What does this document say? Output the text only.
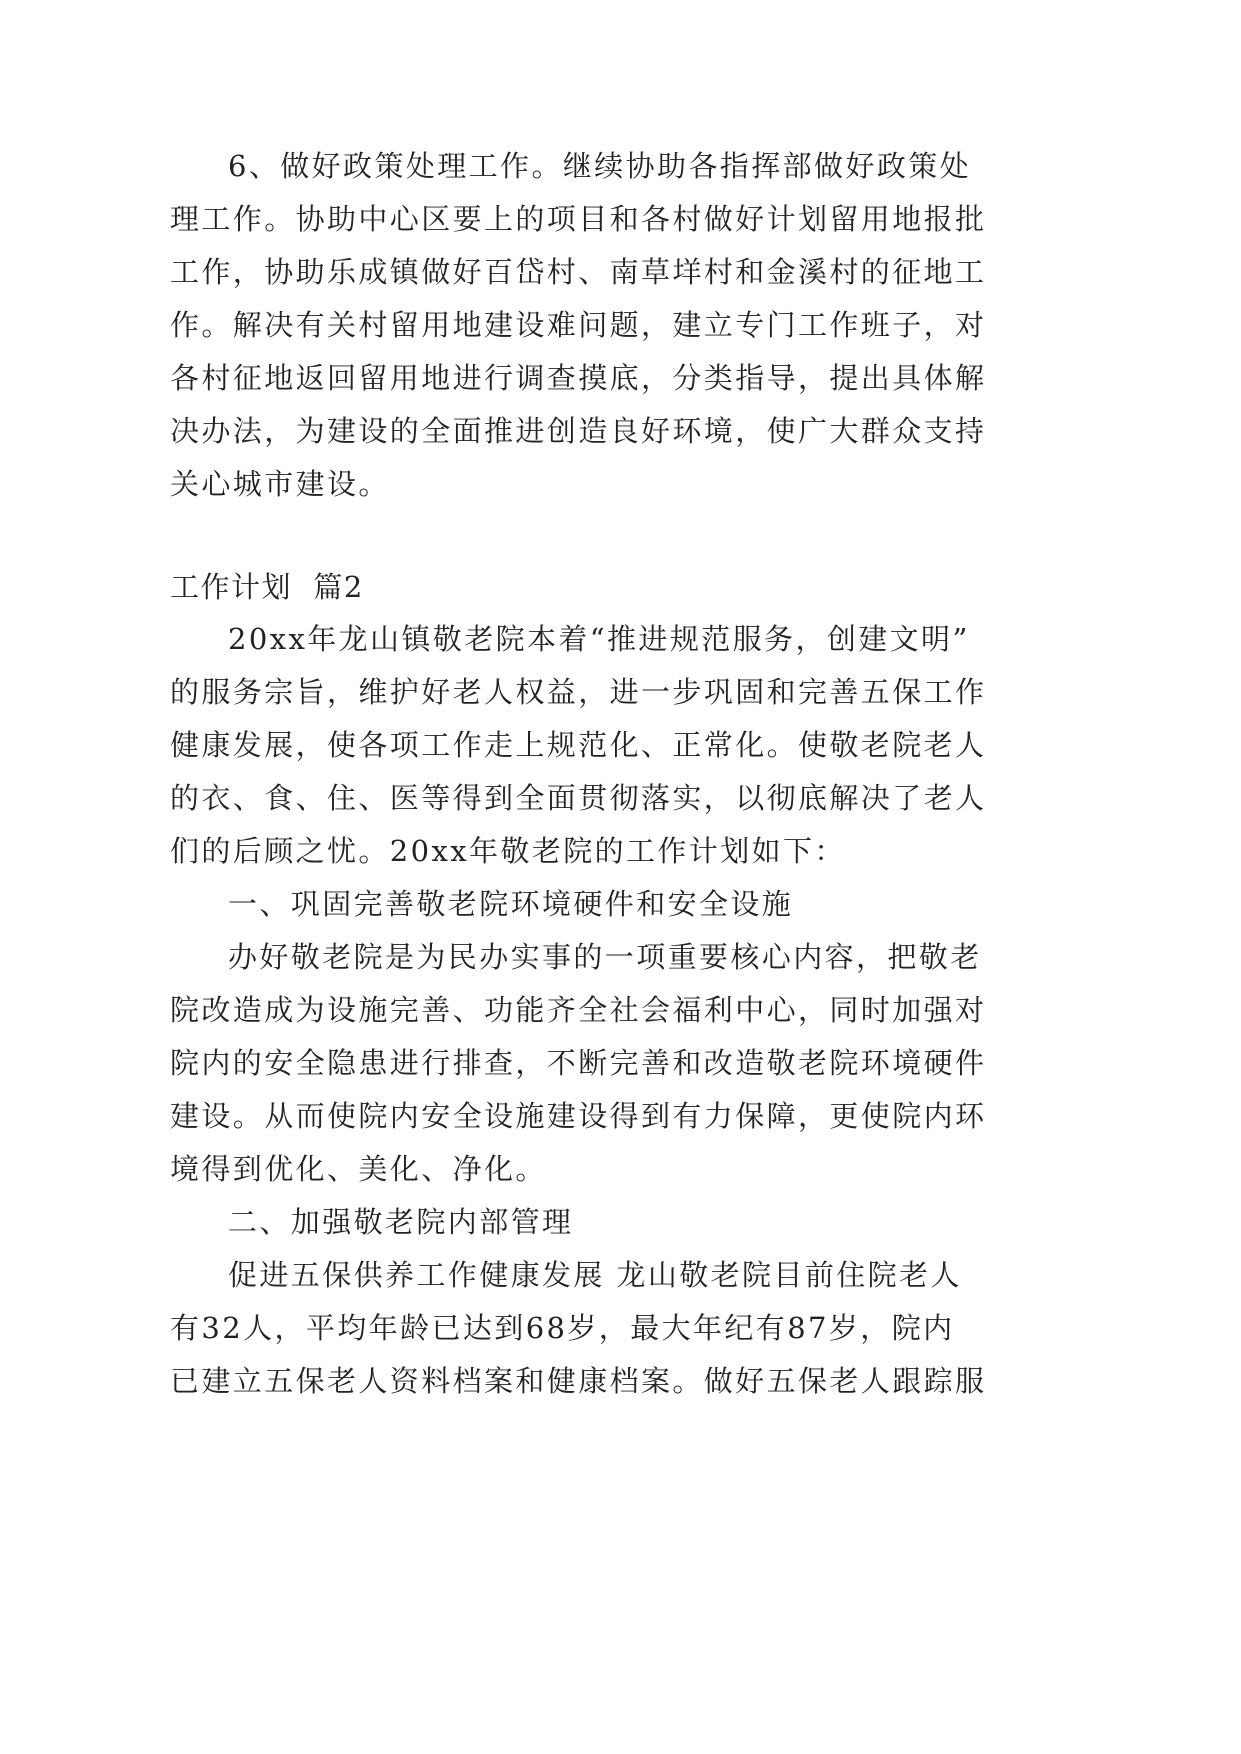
6、做好政策处理工作。继续协助各指挥部做好政策处
理工作。协助中心区要上的项目和各村做好计划留用地报批
工作，协助乐成镇做好百岱村、南草垟村和金溪村的征地工
作。解决有关村留用地建设难问题，建立专门工作班子，对
各村征地返回留用地进行调查摸底，分类指导，提出具体解
决办法，为建设的全面推进创造良好环境，使广大群众支持
关心城市建设。
工作计划  篇2
20xx年龙山镇敬老院本着“推进规范服务，创建文明”
的服务宗旨，维护好老人权益，进一步巩固和完善五保工作
健康发展，使各项工作走上规范化、正常化。使敬老院老人
的衣、食、住、医等得到全面贯彻落实，以彻底解决了老人
们的后顾之忧。20xx年敬老院的工作计划如下：
一、巩固完善敬老院环境硬件和安全设施
办好敬老院是为民办实事的一项重要核心内容，把敬老
院改造成为设施完善、功能齐全社会福利中心，同时加强对
院内的安全隐患进行排查，不断完善和改造敬老院环境硬件
建设。从而使院内安全设施建设得到有力保障，更使院内环
境得到优化、美化、净化。
二、加强敬老院内部管理
促进五保供养工作健康发展 龙山敬老院目前住院老人
有32人，平均年龄已达到68岁，最大年纪有87岁，院内
已建立五保老人资料档案和健康档案。做好五保老人跟踪服
